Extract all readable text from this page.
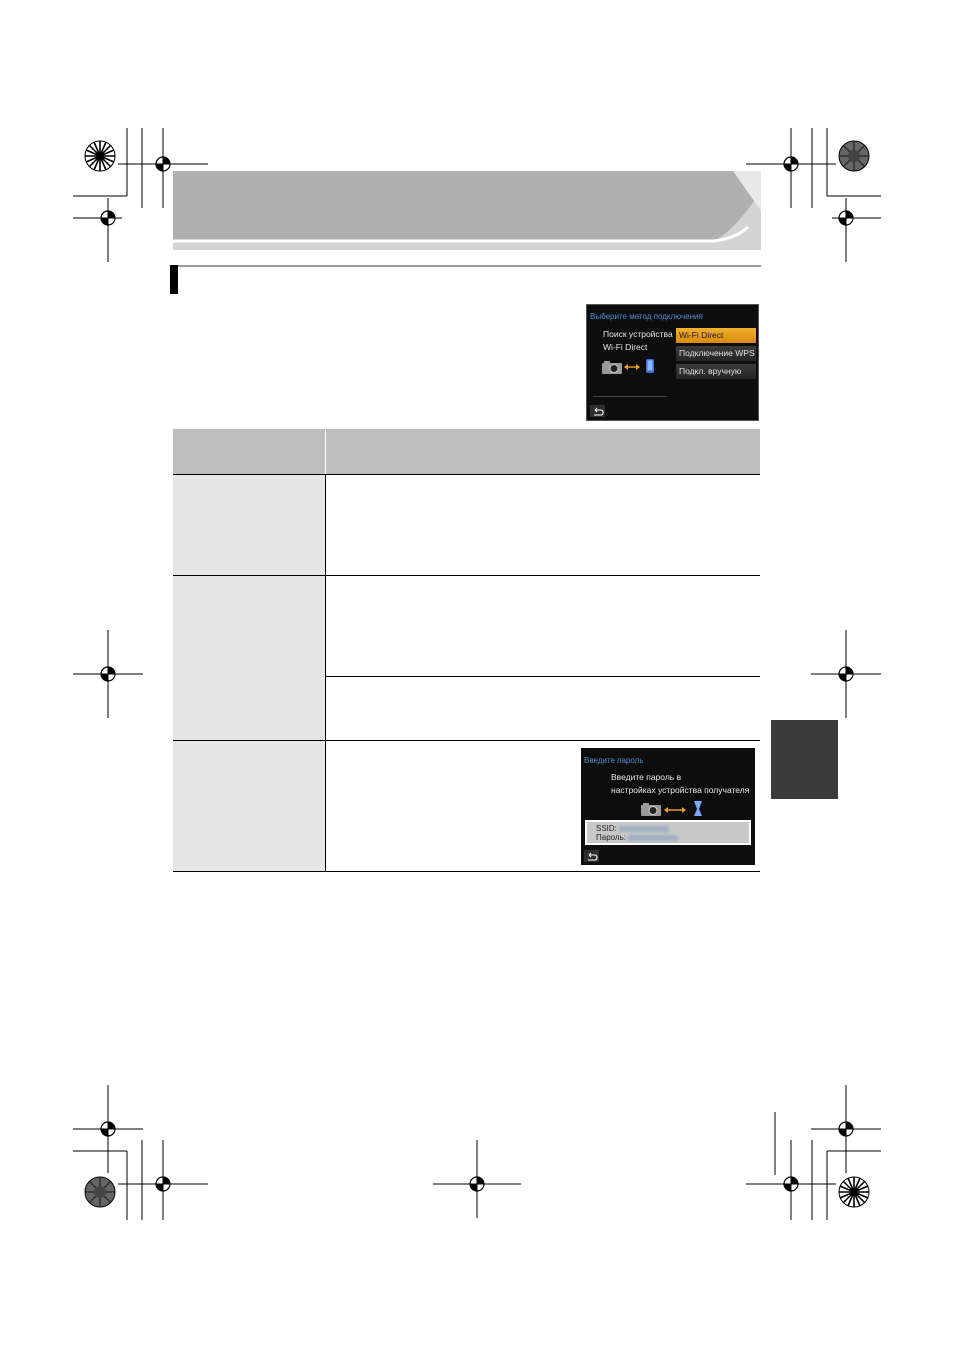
Выберите метод подключения
Поиск устройства
Wi-Fi Direct
Wi-Fi Direct
Подключение WPS
Подкл. вручную
Введите пароль
Введите пароль в
настройках устройства получателя
SSID:
Пароль:
